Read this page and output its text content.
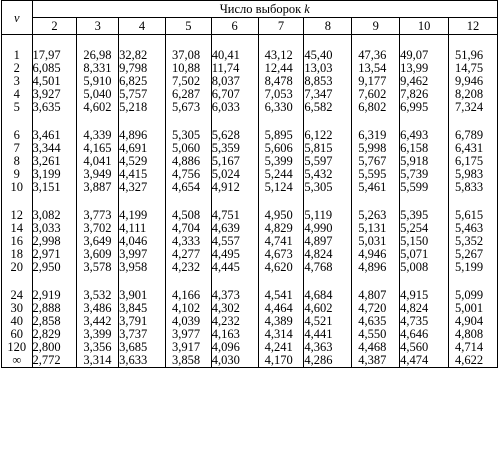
ν	Число выборок k									
	2	3	4	5	6	7	8	9	10	12

1	17,97	26,98	32,82	37,08	40,41	43,12	45,40	47,36	49,07	51,96
2	6,085	8,331	9,798	10,88	11,74	12,44	13,03	13,54	13,99	14,75
3	4,501	5,910	6,825	7,502	8,037	8,478	8,853	9,177	9,462	9,946
4	3,927	5,040	5,757	6,287	6,707	7,053	7,347	7,602	7,826	8,208
5	3,635	4,602	5,218	5,673	6,033	6,330	6,582	6,802	6,995	7,324

6	3,461	4,339	4,896	5,305	5,628	5,895	6,122	6,319	6,493	6,789
7	3,344	4,165	4,691	5,060	5,359	5,606	5,815	5,998	6,158	6,431
8	3,261	4,041	4,529	4,886	5,167	5,399	5,597	5,767	5,918	6,175
9	3,199	3,949	4,415	4,756	5,024	5,244	5,432	5,595	5,739	5,983
10	3,151	3,887	4,327	4,654	4,912	5,124	5,305	5,461	5,599	5,833

12	3,082	3,773	4,199	4,508	4,751	4,950	5,119	5,263	5,395	5,615
14	3,033	3,702	4,111	4,704	4,639	4,829	4,990	5,131	5,254	5,463
16	2,998	3,649	4,046	4,333	4,557	4,741	4,897	5,031	5,150	5,352
18	2,971	3,609	3,997	4,277	4,495	4,673	4,824	4,946	5,071	5,267
20	2,950	3,578	3,958	4,232	4,445	4,620	4,768	4,896	5,008	5,199

24	2,919	3,532	3,901	4,166	4,373	4,541	4,684	4,807	4,915	5,099
30	2,888	3,486	3,845	4,102	4,302	4,464	4,602	4,720	4,824	5,001
40	2,858	3,442	3,791	4,039	4,232	4,389	4,521	4,635	4,735	4,904
60	2,829	3,399	3,737	3,977	4,163	4,314	4,441	4,550	4,646	4,808
120	2,800	3,356	3,685	3,917	4,096	4,241	4,363	4,468	4,560	4,714
∞	2,772	3,314	3,633	3,858	4,030	4,170	4,286	4,387	4,474	4,622
